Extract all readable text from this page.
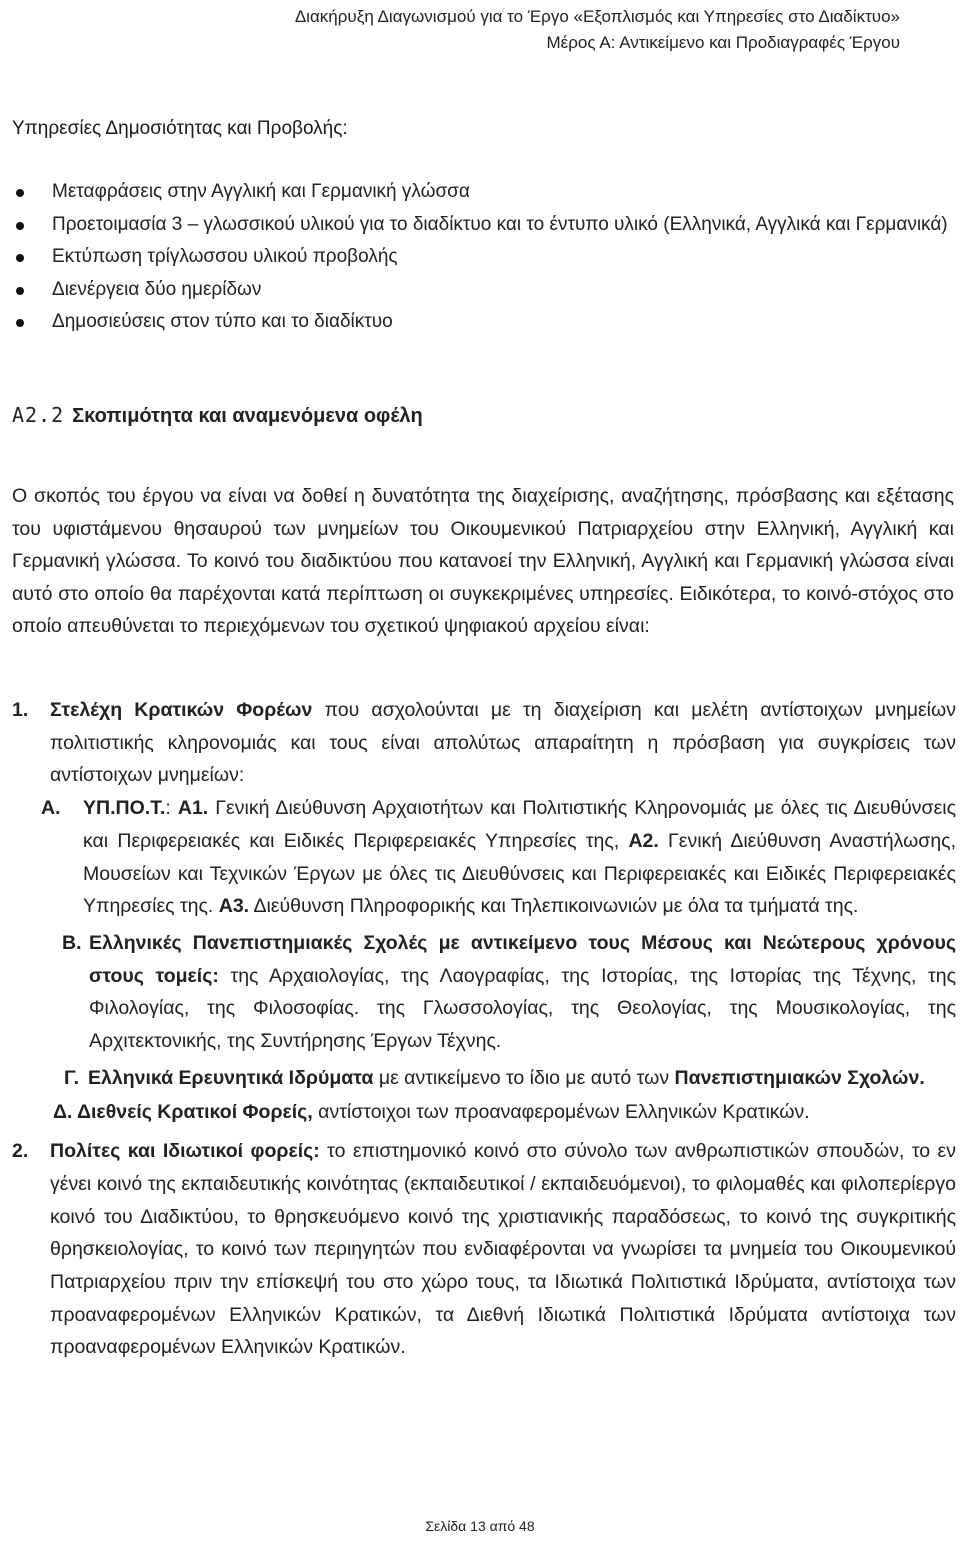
Διακήρυξη Διαγωνισμού για το Έργο «Εξοπλισμός και Υπηρεσίες στο Διαδίκτυο»
Μέρος Α: Αντικείμενο και Προδιαγραφές Έργου
Υπηρεσίες Δημοσιότητας και Προβολής:
Μεταφράσεις στην Αγγλική και Γερμανική γλώσσα
Προετοιμασία 3 – γλωσσικού υλικού για το διαδίκτυο και το έντυπο υλικό (Ελληνικά, Αγγλικά και Γερμανικά)
Εκτύπωση τρίγλωσσου υλικού προβολής
Διενέργεια δύο ημερίδων
Δημοσιεύσεις στον τύπο και το διαδίκτυο
A2.2 Σκοπιμότητα και αναμενόμενα οφέλη

Ο σκοπός του έργου να είναι να δοθεί η δυνατότητα της διαχείρισης, αναζήτησης, πρόσβασης και εξέτασης του υφιστάμενου θησαυρού των μνημείων του Οικουμενικού Πατριαρχείου στην Ελληνική, Αγγλική και Γερμανική γλώσσα. Το κοινό του διαδικτύου που κατανοεί την Ελληνική, Αγγλική και Γερμανική γλώσσα είναι αυτό στο οποίο θα παρέχονται κατά περίπτωση οι συγκεκριμένες υπηρεσίες. Ειδικότερα, το κοινό-στόχος στο οποίο απευθύνεται το περιεχόμενων του σχετικού ψηφιακού αρχείου είναι:

1.	Στελέχη Κρατικών Φορέων που ασχολούνται με τη διαχείριση και μελέτη αντίστοιχων μνημείων πολιτιστικής κληρονομιάς και τους είναι απολύτως απαραίτητη η πρόσβαση για συγκρίσεις των αντίστοιχων μνημείων:
Α.	ΥΠ.ΠΟ.Τ.: Α1. Γενική Διεύθυνση Αρχαιοτήτων και Πολιτιστικής Κληρονομιάς με όλες τις Διευθύνσεις και Περιφερειακές και Ειδικές Περιφερειακές Υπηρεσίες της, Α2. Γενική Διεύθυνση Αναστήλωσης, Μουσείων και Τεχνικών Έργων με όλες τις Διευθύνσεις και Περιφερειακές και Ειδικές Περιφερειακές Υπηρεσίες της. Α3. Διεύθυνση Πληροφορικής και Τηλεπικοινωνιών με όλα τα τμήματά της.
Β. Ελληνικές Πανεπιστημιακές Σχολές με αντικείμενο τους Μέσους και Νεώτερους χρόνους στους τομείς: της Αρχαιολογίας, της Λαογραφίας, της Ιστορίας, της Ιστορίας της Τέχνης, της Φιλολογίας, της Φιλοσοφίας. της Γλωσσολογίας, της Θεολογίας, της Μουσικολογίας, της Αρχιτεκτονικής, της Συντήρησης Έργων Τέχνης.
Γ. Ελληνικά Ερευνητικά Ιδρύματα με αντικείμενο το ίδιο με αυτό των Πανεπιστημιακών Σχολών.
Δ. Διεθνείς Κρατικοί Φορείς, αντίστοιχοι των προαναφερομένων Ελληνικών Κρατικών.
2.	Πολίτες και Ιδιωτικοί φορείς: το επιστημονικό κοινό στο σύνολο των ανθρωπιστικών σπουδών, το εν γένει κοινό της εκπαιδευτικής κοινότητας (εκπαιδευτικοί / εκπαιδευόμενοι), το φιλομαθές και φιλοπερίεργο κοινό του Διαδικτύου, το θρησκευόμενο κοινό της χριστιανικής παραδόσεως, το κοινό της συγκριτικής θρησκειολογίας, το κοινό των περιηγητών που ενδιαφέρονται να γνωρίσει τα μνημεία του Οικουμενικού Πατριαρχείου πριν την επίσκεψή του στο χώρο τους, τα Ιδιωτικά Πολιτιστικά Ιδρύματα, αντίστοιχα των προαναφερομένων Ελληνικών Κρατικών, τα Διεθνή Ιδιωτικά Πολιτιστικά Ιδρύματα αντίστοιχα των προαναφερομένων Ελληνικών Κρατικών.
Σελίδα 13 από 48
